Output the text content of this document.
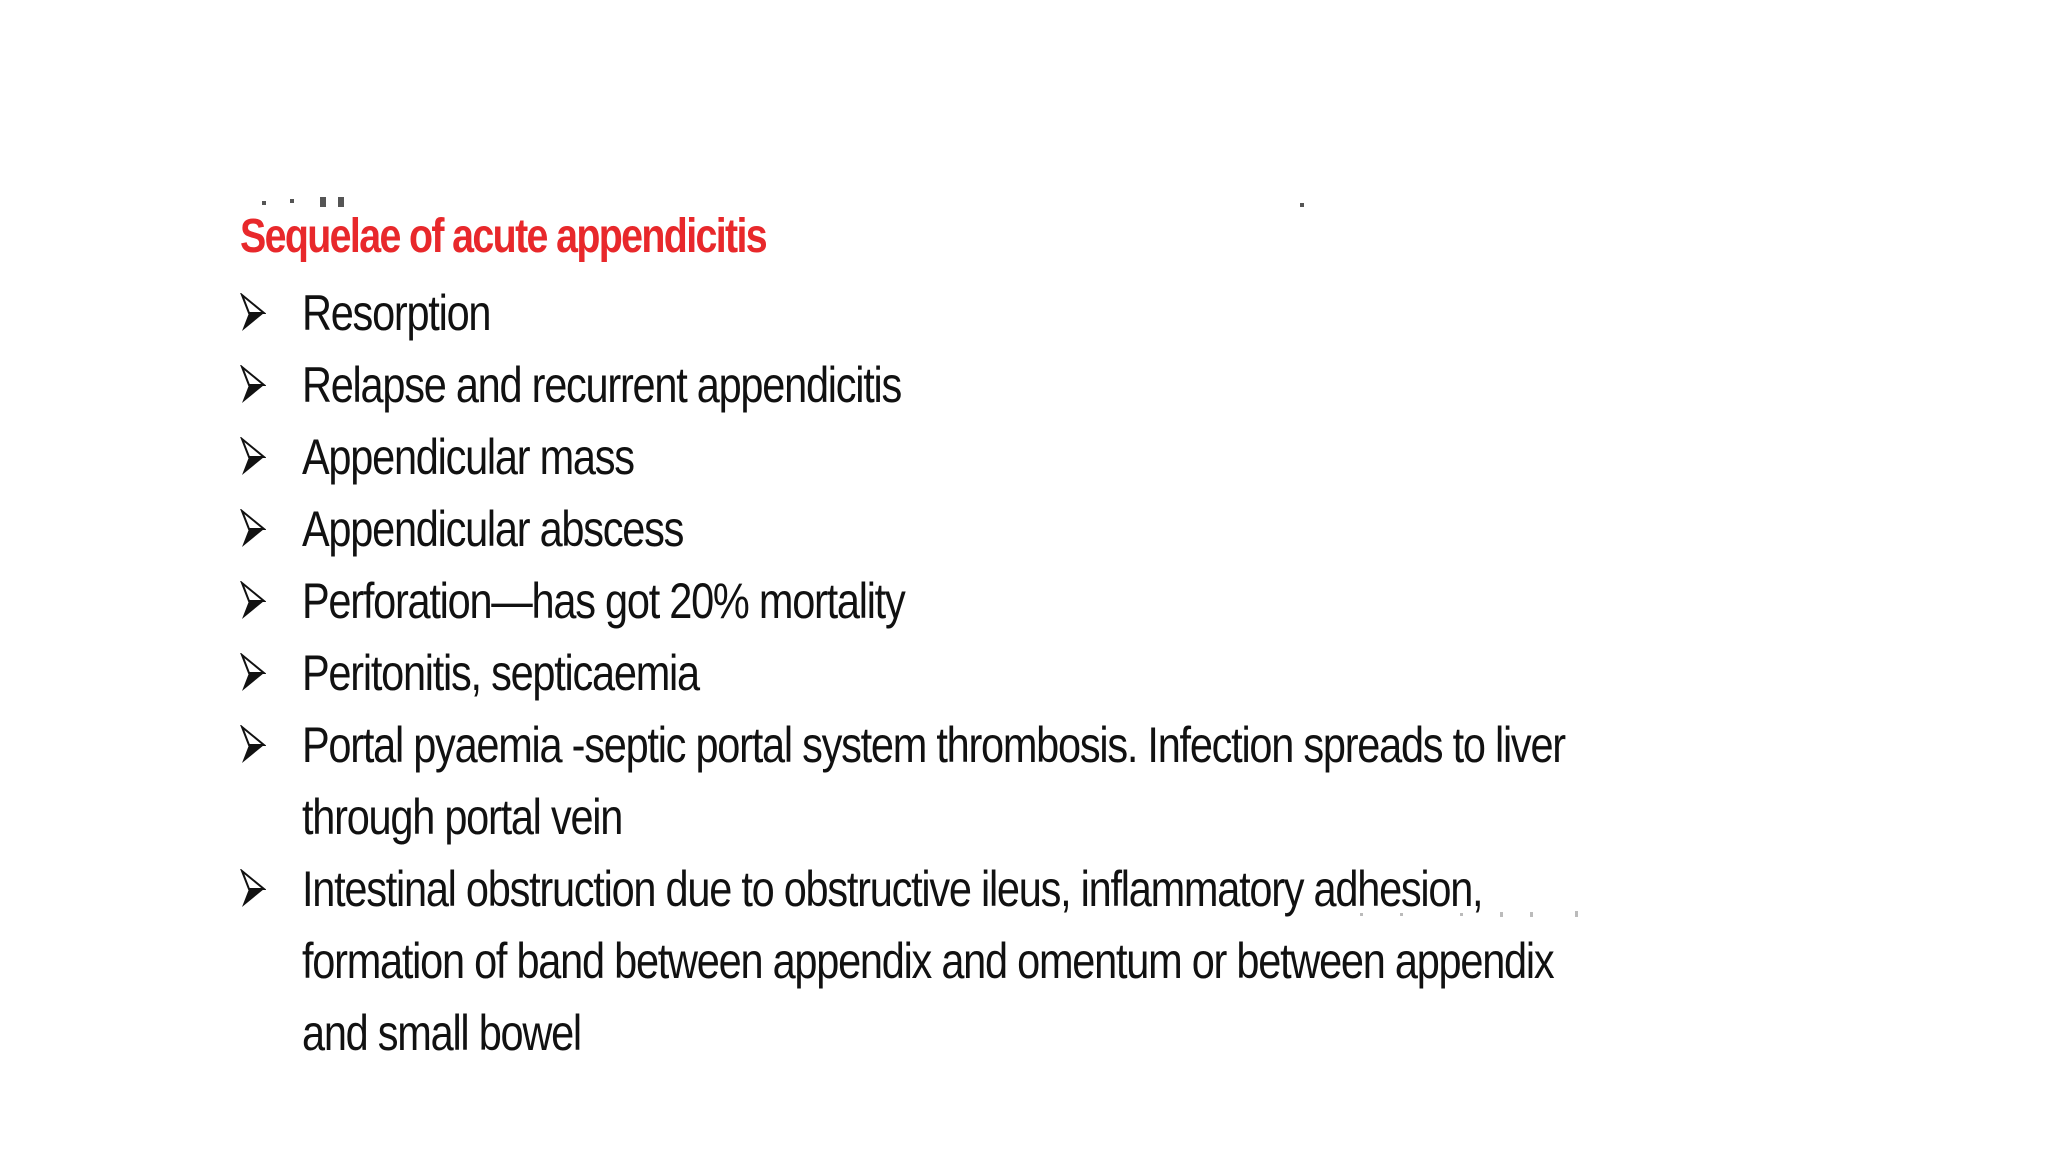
Sequelae of acute appendicitis
Resorption
Relapse and recurrent appendicitis
Appendicular mass
Appendicular abscess
Perforation—has got 20% mortality
Peritonitis, septicaemia
Portal pyaemia -septic portal system thrombosis. Infection spreads to liver through portal vein
Intestinal obstruction due to obstructive ileus, inflammatory adhesion, formation of band between appendix and omentum or between appendix and small bowel
